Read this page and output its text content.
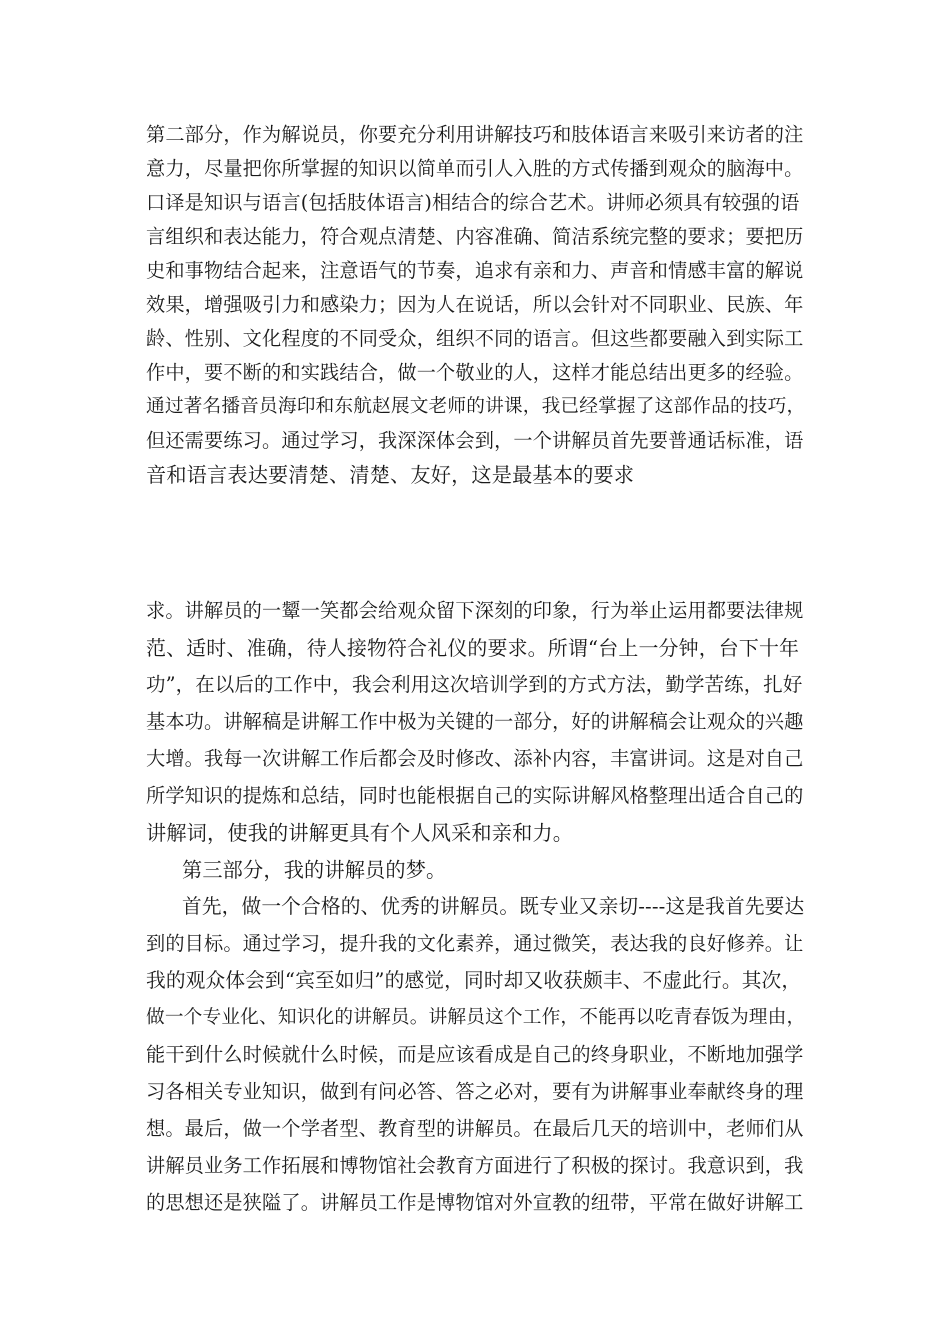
第二部分，作为解说员，你要充分利用讲解技巧和肢体语言来吸引来访者的注
意力，尽量把你所掌握的知识以简单而引人入胜的方式传播到观众的脑海中。
口译是知识与语言(包括肢体语言)相结合的综合艺术。讲师必须具有较强的语
言组织和表达能力，符合观点清楚、内容准确、简洁系统完整的要求；要把历
史和事物结合起来，注意语气的节奏，追求有亲和力、声音和情感丰富的解说
效果，增强吸引力和感染力；因为人在说话，所以会针对不同职业、民族、年
龄、性别、文化程度的不同受众，组织不同的语言。但这些都要融入到实际工
作中，要不断的和实践结合，做一个敬业的人，这样才能总结出更多的经验。
通过著名播音员海印和东航赵展文老师的讲课，我已经掌握了这部作品的技巧，
但还需要练习。通过学习，我深深体会到，一个讲解员首先要普通话标准，语
音和语言表达要清楚、清楚、友好，这是最基本的要求
求。讲解员的一颦一笑都会给观众留下深刻的印象，行为举止运用都要法律规
范、适时、准确，待人接物符合礼仪的要求。所谓“台上一分钟，台下十年
功”，在以后的工作中，我会利用这次培训学到的方式方法，勤学苦练，扎好
基本功。讲解稿是讲解工作中极为关键的一部分，好的讲解稿会让观众的兴趣
大增。我每一次讲解工作后都会及时修改、添补内容，丰富讲词。这是对自己
所学知识的提炼和总结，同时也能根据自己的实际讲解风格整理出适合自己的
讲解词，使我的讲解更具有个人风采和亲和力。
第三部分，我的讲解员的梦。
首先，做一个合格的、优秀的讲解员。既专业又亲切----这是我首先要达
到的目标。通过学习，提升我的文化素养，通过微笑，表达我的良好修养。让
我的观众体会到“宾至如归”的感觉，同时却又收获颇丰、不虚此行。其次，
做一个专业化、知识化的讲解员。讲解员这个工作，不能再以吃青春饭为理由，
能干到什么时候就什么时候，而是应该看成是自己的终身职业，不断地加强学
习各相关专业知识，做到有问必答、答之必对，要有为讲解事业奉献终身的理
想。最后，做一个学者型、教育型的讲解员。在最后几天的培训中，老师们从
讲解员业务工作拓展和博物馆社会教育方面进行了积极的探讨。我意识到，我
的思想还是狭隘了。讲解员工作是博物馆对外宣教的纽带，平常在做好讲解工
